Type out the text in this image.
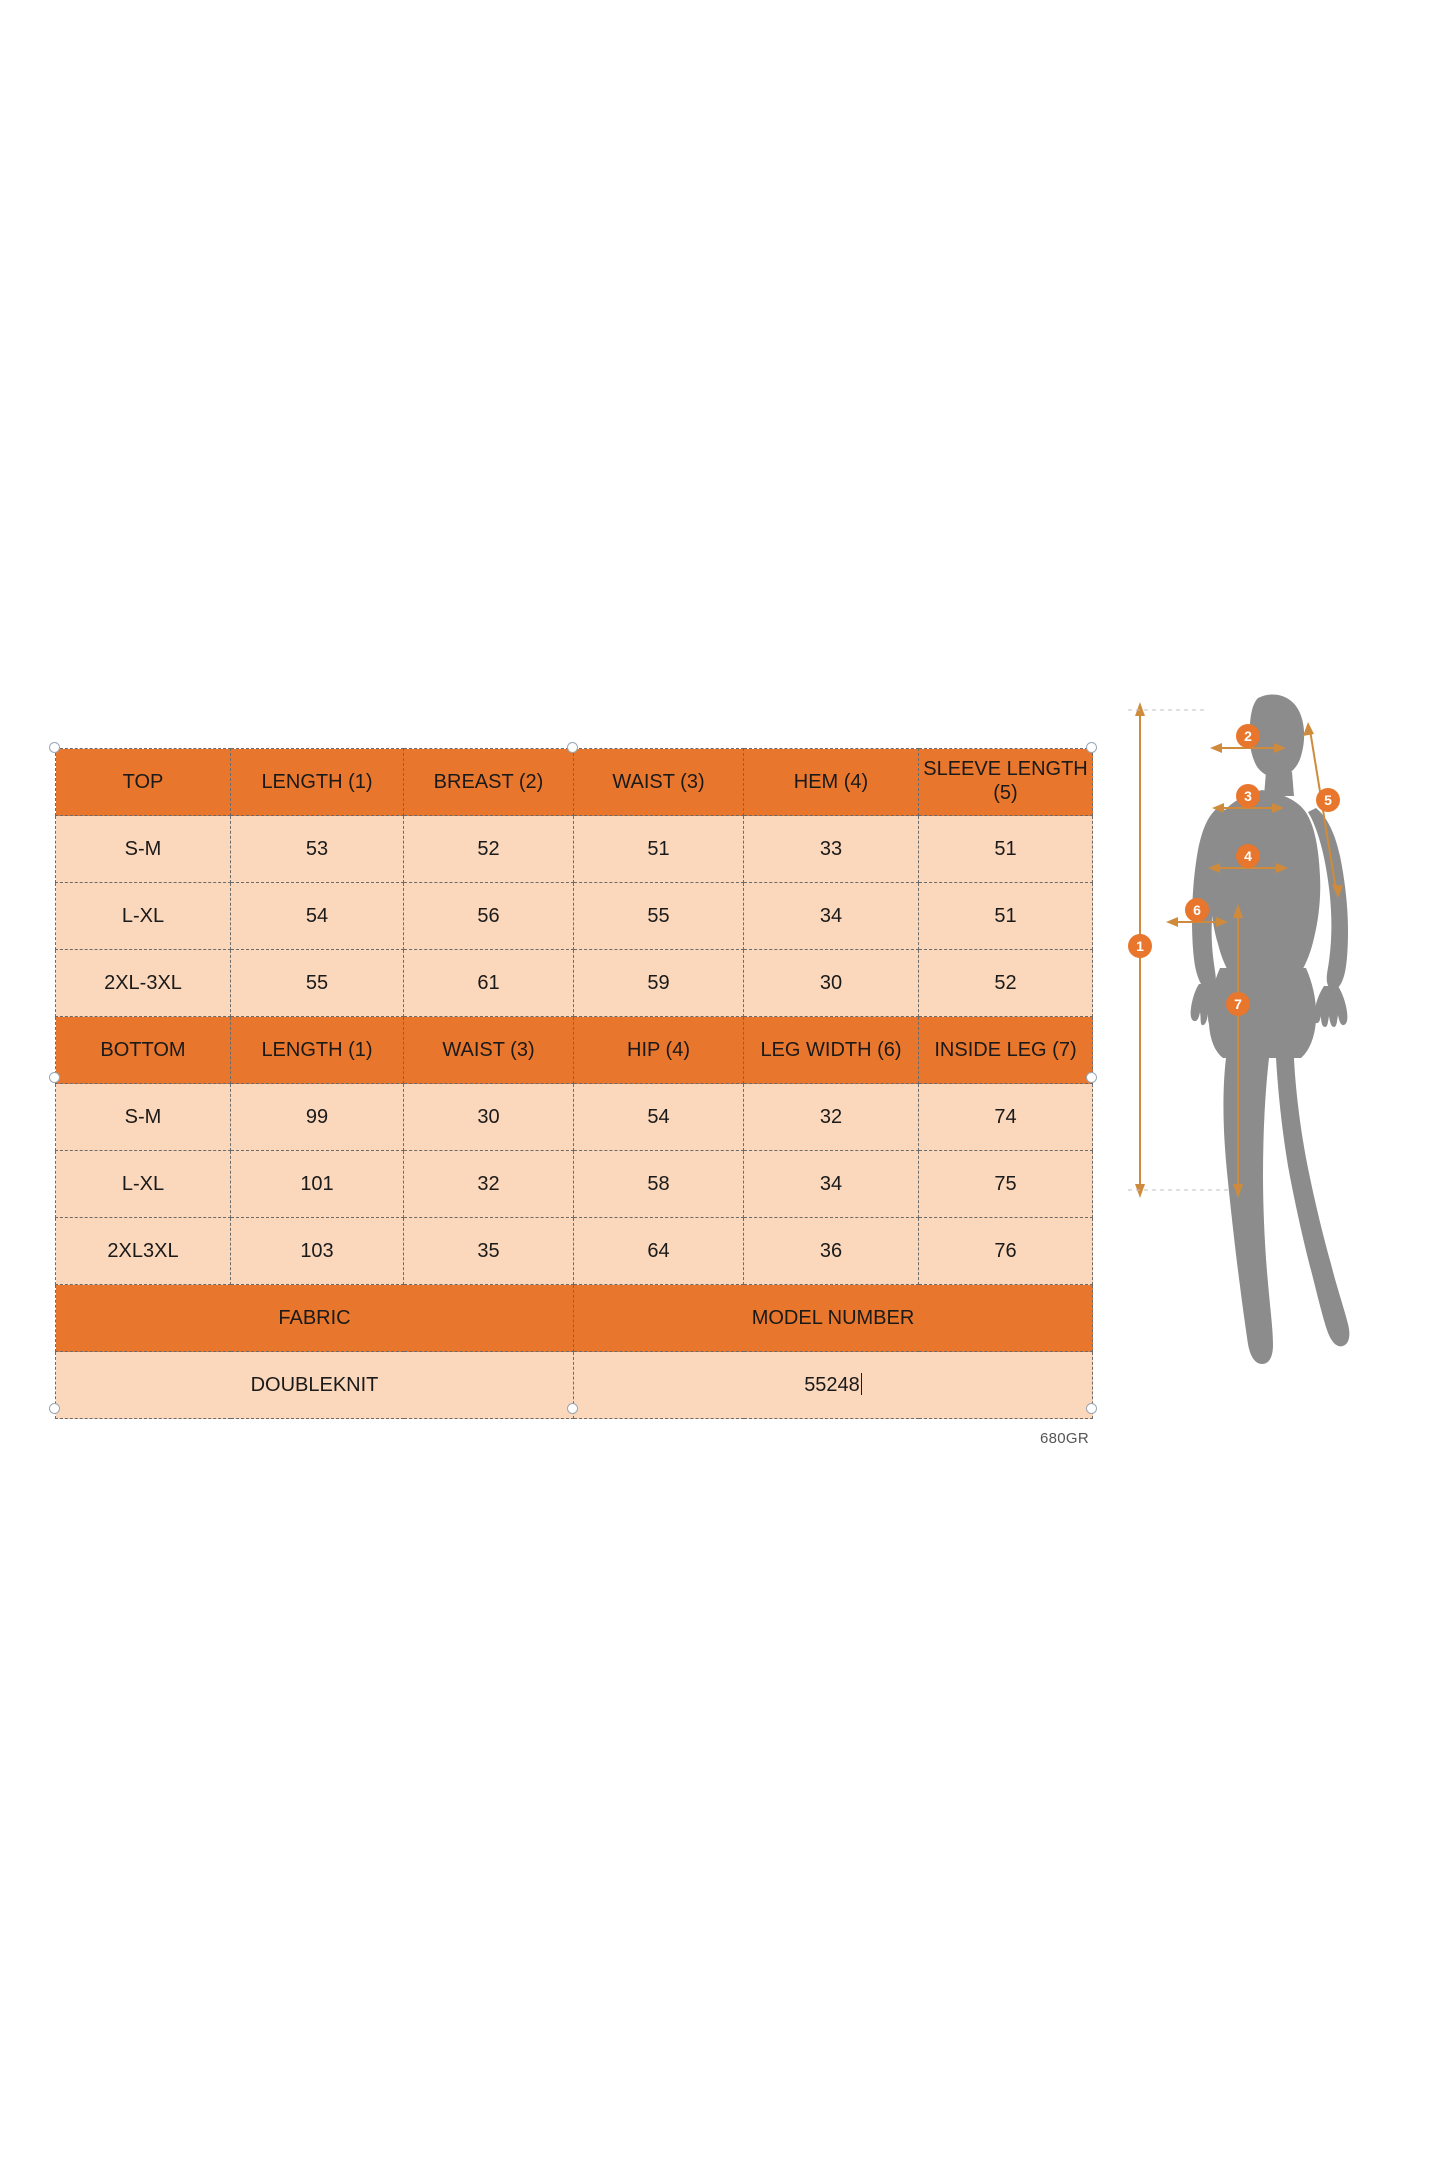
TOP	LENGTH (1)	BREAST (2)	WAIST (3)	HEM (4)	SLEEVE LENGTH (5)
S-M	53	52	51	33	51
L-XL	54	56	55	34	51
2XL-3XL	55	61	59	30	52
BOTTOM	LENGTH (1)	WAIST (3)	HIP (4)	LEG WIDTH (6)	INSIDE LEG (7)
S-M	99	30	54	32	74
L-XL	101	32	58	34	75
2XL3XL	103	35	64	36	76
FABRIC			MODEL NUMBER		
DOUBLEKNIT			55248		
680GR
1
2
3
4
5
6
7
